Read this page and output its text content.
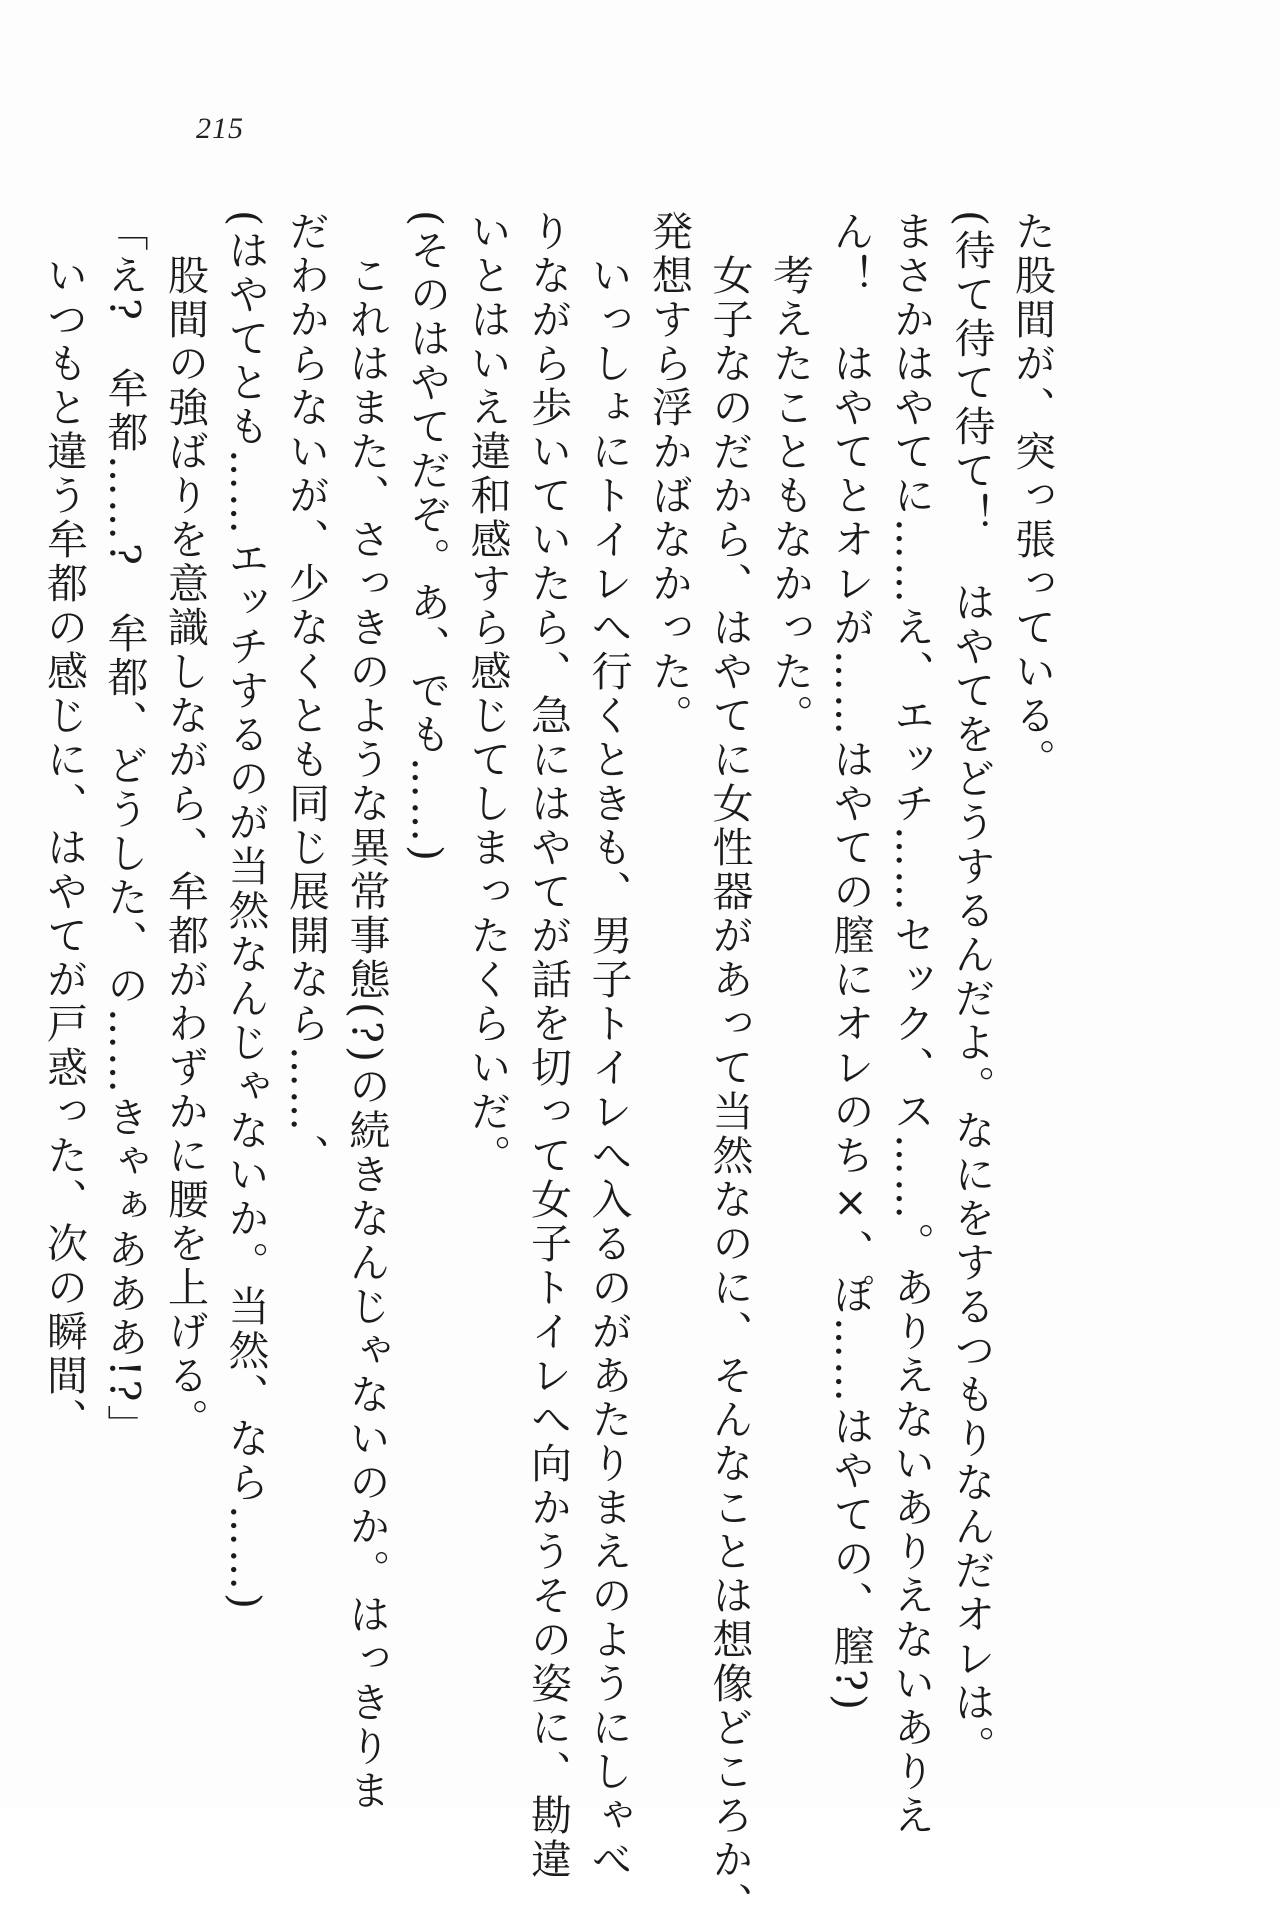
215
た股間が、突っ張っている。
(待て待て待て！　はやてをどうするんだよ。なにをするつもりなんだオレは。
まさかはやてに……え、エッチ……セック、ス……。ありえないありえないありえ
ん！　はやてとオレが……はやての膣にオレのち×、ぽ……はやての、膣?)
　考えたこともなかった。
　女子なのだから、はやてに女性器があって当然なのに、そんなことは想像どころか、
発想すら浮かばなかった。
　いっしょにトイレへ行くときも、男子トイレへ入るのがあたりまえのようにしゃべ
りながら歩いていたら、急にはやてが話を切って女子トイレへ向かうその姿に、勘違
いとはいえ違和感すら感じてしまったくらいだ。
(そのはやてだぞ。あ、でも……)
　これはまた、さっきのような異常事態(?)の続きなんじゃないのか。はっきりま
だわからないが、少なくとも同じ展開なら……、
(はやてとも……エッチするのが当然なんじゃないか。当然、なら……)
　股間の強ばりを意識しながら、牟都がわずかに腰を上げる。
「え?　牟都……?　牟都、どうした、の……きゃぁあああ!?」
　いつもと違う牟都の感じに、はやてが戸惑った、次の瞬間、
